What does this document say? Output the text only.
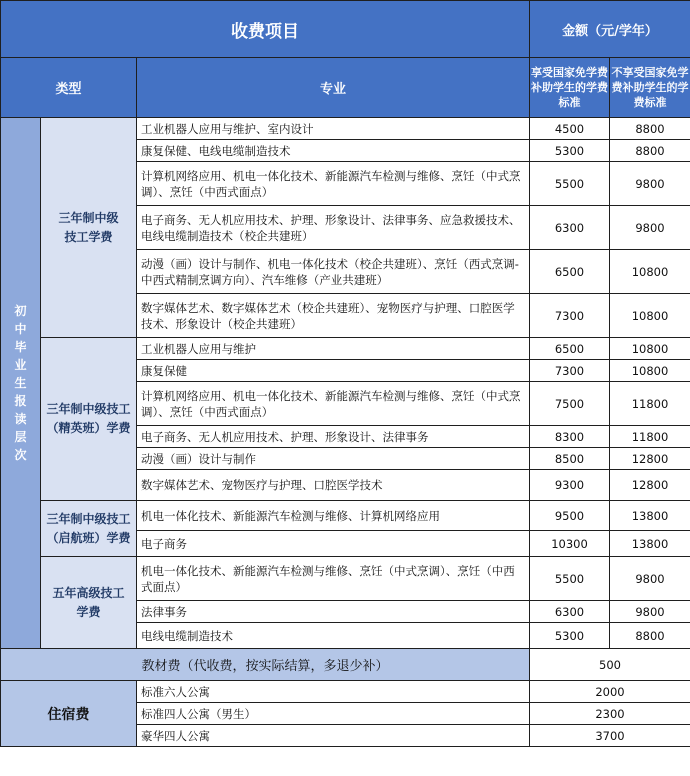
收费项目			金额（元/学年）	
类型		专业	享受国家免学费补助学生的学费标准	不享受国家免学费补助学生的学费标准

初中毕业生报读层次	三年制中级技工学费	工业机器人应用与维护、室内设计	4500	8800
		康复保健、电线电缆制造技术	5300	8800
		计算机网络应用、机电一体化技术、新能源汽车检测与维修、烹饪（中式烹调）、烹饪（中西式面点）	5500	9800
		电子商务、无人机应用技术、护理、形象设计、法律事务、应急救援技术、电线电缆制造技术（校企共建班）	6300	9800
		动漫（画）设计与制作、机电一体化技术（校企共建班）、烹饪（西式烹调-中西式精制烹调方向）、汽车维修（产业共建班）	6500	10800
		数字媒体艺术、数字媒体艺术（校企共建班）、宠物医疗与护理、口腔医学技术、形象设计（校企共建班）	7300	10800

	三年制中级技工（精英班）学费	工业机器人应用与维护	6500	10800
		康复保健	7300	10800
		计算机网络应用、机电一体化技术、新能源汽车检测与维修、烹饪（中式烹调）、烹饪（中西式面点）	7500	11800
		电子商务、无人机应用技术、护理、形象设计、法律事务	8300	11800
		动漫（画）设计与制作	8500	12800
		数字媒体艺术、宠物医疗与护理、口腔医学技术	9300	12800

	三年制中级技工（启航班）学费	机电一体化技术、新能源汽车检测与维修、计算机网络应用	9500	13800
		电子商务	10300	13800

	五年高级技工学费	机电一体化技术、新能源汽车检测与维修、烹饪（中式烹调）、烹饪（中西式面点）	5500	9800
		法律事务	6300	9800
		电线电缆制造技术	5300	8800
教材费（代收费，按实际结算，多退少补）			500	
住宿费		标准六人公寓	2000	
		标准四人公寓（男生）	2300	
		豪华四人公寓	3700	
